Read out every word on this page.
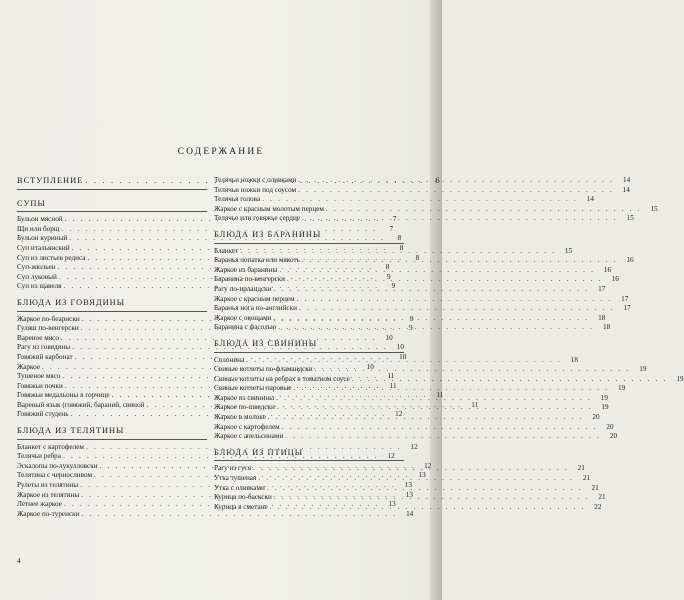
СОДЕРЖАНИЕ
ВСТУПЛЕНИЕ . . .	6
СУПЫ
Бульон мясной . . .	7
Щи или борщ . . .	7
Бульон куриный . . .	8
Суп итальянский . . .	8
Суп из листьев редиса . . .	8
Суп-жюльен . . .	8
Суп луковый . . .	9
Суп из щавеля . . .	9
БЛЮДА ИЗ ГОВЯДИНЫ
Жаркое по-беарнски . . .	9
Гуляш по-венгерски . . .	9
Вареное мясо . . .	10
Рагу из говядины . . .	10
Говяжий карбонат . . .	10
Жаркое . . .	10
Тушеное мясо . . .	11
Говяжьи почки . . .	11
Говяжьи медальоны в горчице . . .	11
Вареный язык (говяжий, бараний, свиной . . .	11
Говяжий студень . . .	12
БЛЮДА ИЗ ТЕЛЯТИНЫ
Бланкет с картофелем . . .	12
Телячьи ребра . . .	12
Эскалопы по-лукулловски . . .	12
Телятина с черносливом . . .	13
Рулеты из телятины . . .	13
Жаркое из телятины . . .	13
Летнее жаркое . . .	13
Жаркое по-туренски . . .	14
Телячьи ножки с оливками . . .	14
Телячьи ножки под соусом . . .	14
Телячья голова . . .	14
Жаркое с красным молотым перцем . . .	15
Телячье или говяжье сердце . . .	15
БЛЮДА ИЗ БАРАНИНЫ
Бланкет . . .	15
Баранья лопатка или мякоть . . .	16
Жаркое из баранины . . .	16
Баранина по-венгерски . . .	16
Рагу по-ирландски . . .	17
Жаркое с красным перцем . . .	17
Баранья нога по-английски . . .	17
Жаркое с овощами . . .	18
Баранина с фасолью . . .	18
БЛЮДА ИЗ СВИНИНЫ
Солонина . . .	18
Свиные котлеты по-фламандски . . .	19
Свиные котлеты на ребрах в томатном соусе . . .	19
Свиные котлеты паровые . . .	19
Жаркое из свинины . . .	19
Жаркое по-шведски . . .	19
Жаркое в молоке . . .	20
Жаркое с картофелем . . .	20
Жаркое с апельсинами . . .	20
БЛЮДА ИЗ ПТИЦЫ
Рагу из гуся . . .	21
Утка тушеная . . .	21
Утка с оливками . . .	21
Курица по-баскски . . .	21
Курица в сметане . . .	22
4
